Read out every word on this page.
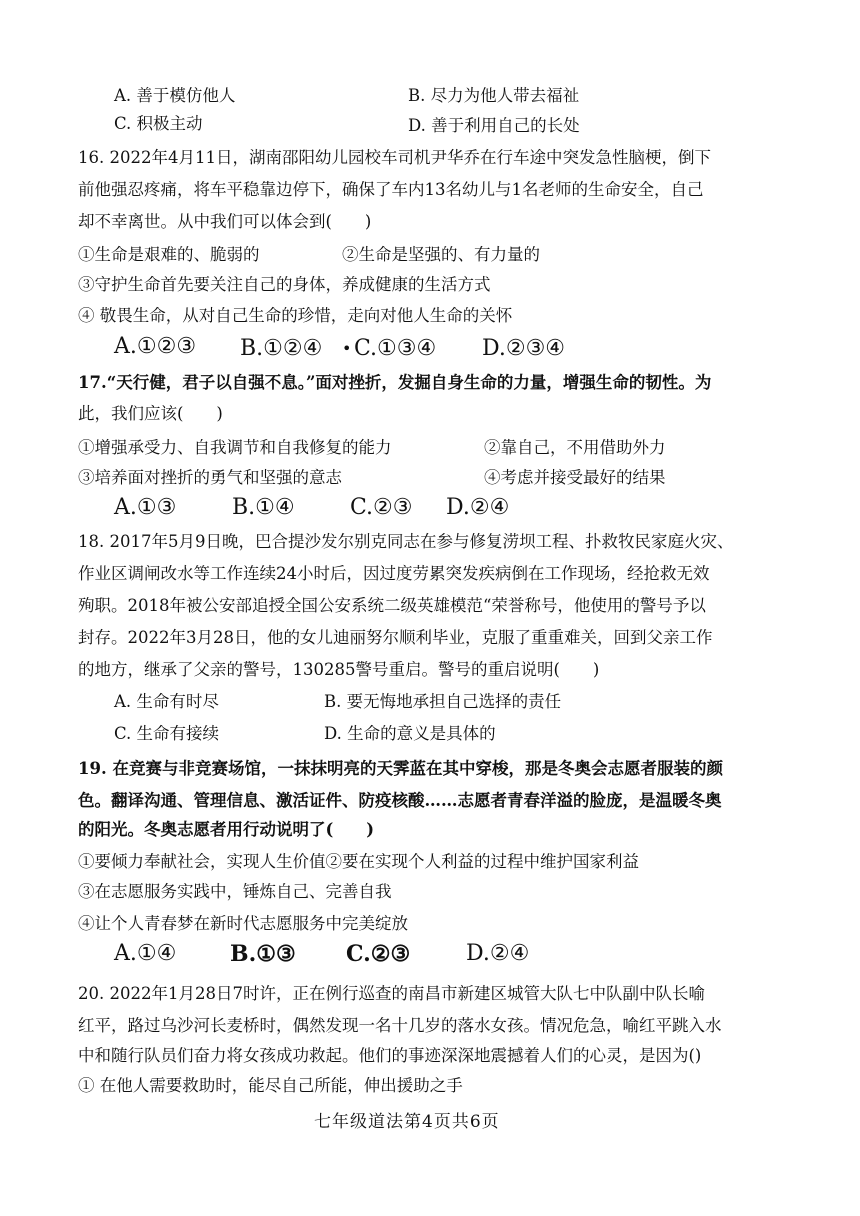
A. 善于模仿他人	B. 尽力为他人带去福祉
C. 积极主动	D. 善于利用自己的长处
16. 2022年4月11日，湖南邵阳幼儿园校车司机尹华乔在行车途中突发急性脑梗，倒下
前他强忍疼痛，将车平稳靠边停下，确保了车内13名幼儿与1名老师的生命安全，自己
却不幸离世。从中我们可以体会到(　　)
①生命是艰难的、脆弱的	②生命是坚强的、有力量的
③守护生命首先要关注自己的身体，养成健康的生活方式
④ 敬畏生命，从对自己生命的珍惜，走向对他人生命的关怀
A.①②③ B.①②④ • C.①③④ D.②③④
17.“天行健，君子以自强不息。”面对挫折，发掘自身生命的力量，增强生命的韧性。为
此，我们应该(　　)
①增强承受力、自我调节和自我修复的能力	②靠自己，不用借助外力
③培养面对挫折的勇气和坚强的意志	④考虑并接受最好的结果
A.①③	B.①④	C.②③ D.②④
18. 2017年5月9日晚，巴合提沙发尔别克同志在参与修复涝坝工程、扑救牧民家庭火灾、
作业区调闸改水等工作连续24小时后，因过度劳累突发疾病倒在工作现场，经抢救无效
殉职。2018年被公安部追授全国公安系统二级英雄模范“荣誉称号，他使用的警号予以
封存。2022年3月28日，他的女儿迪丽努尔顺利毕业，克服了重重难关，回到父亲工作
的地方，继承了父亲的警号，130285警号重启。警号的重启说明(　　)
A. 生命有时尽	B. 要无悔地承担自己选择的责任
C. 生命有接续	D. 生命的意义是具体的
19. 在竞赛与非竞赛场馆，一抹抹明亮的天霁蓝在其中穿梭，那是冬奥会志愿者服装的颜
色。翻译沟通、管理信息、激活证件、防疫核酸……志愿者青春洋溢的脸庞，是温暖冬奥
的阳光。冬奥志愿者用行动说明了(　　)
①要倾力奉献社会，实现人生价值②要在实现个人利益的过程中维护国家利益
③在志愿服务实践中，锤炼自己、完善自我
④让个人青春梦在新时代志愿服务中完美绽放
A.①④ B.①③ C.②③	D.②④
20. 2022年1月28日7时许，正在例行巡查的南昌市新建区城管大队七中队副中队长喻
红平，路过乌沙河长麦桥时，偶然发现一名十几岁的落水女孩。情况危急，喻红平跳入水
中和随行队员们奋力将女孩成功救起。他们的事迹深深地震撼着人们的心灵，是因为()
① 在他人需要救助时，能尽自己所能，伸出援助之手
七年级道法第4页共6页
